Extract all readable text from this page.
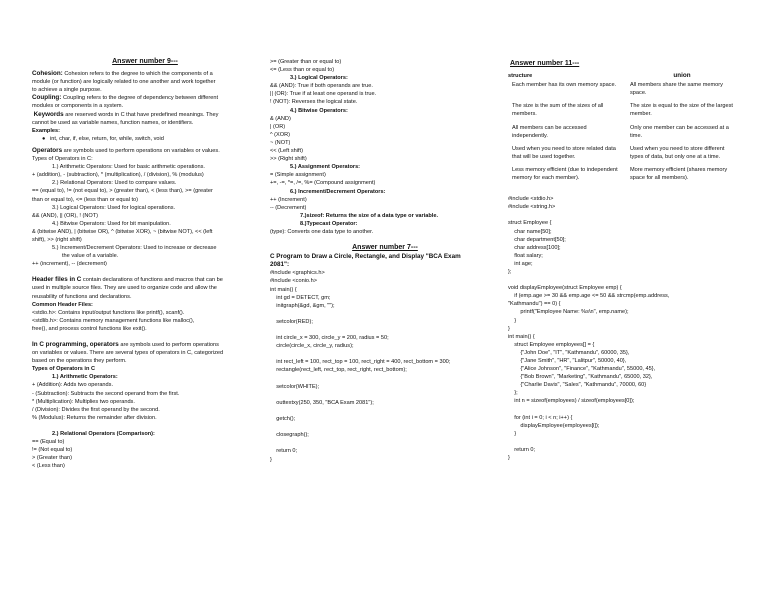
Answer number 9---
Cohesion: Cohesion refers to the degree to which the components of a
module (or function) are logically related to one another and work together
to achieve a single purpose.
Coupling: Coupling refers to the degree of dependency between different
modules or components in a system.
Keywords are reserved words in C that have predefined meanings. They
cannot be used as variable names, function names, or identifiers.
Examples:
● int, char, if, else, return, for, while, switch, void
Operators are symbols used to perform operations on variables or values.
Types of Operators in C:
1.) Arithmetic Operators: Used for basic arithmetic operations.
+ (addition), - (subtraction), * (multiplication), / (division), % (modulus)
2.) Relational Operators: Used to compare values.
== (equal to), != (not equal to), > (greater than), < (less than), >= (greater
than or equal to), <= (less than or equal to)
3.) Logical Operators: Used for logical operations.
&& (AND), || (OR), ! (NOT)
4.) Bitwise Operators: Used for bit manipulation.
& (bitwise AND), | (bitwise OR), ^ (bitwise XOR), ~ (bitwise NOT), << (left
shift), >> (right shift)
5.) Increment/Decrement Operators: Used to increase or decrease
the value of a variable.
++ (increment), -- (decrement)
Header files in C contain declarations of functions and macros that can be
used in multiple source files. They are used to organize code and allow the
reusability of functions and declarations.
Common Header Files:
<stdio.h>: Contains input/output functions like printf(), scanf().
<stdlib.h>: Contains memory management functions like malloc(),
free(), and process control functions like exit().
In C programming, operators are symbols used to perform operations
on variables or values. There are several types of operators in C, categorized
based on the operations they perform.
Types of Operators in C
1.) Arithmetic Operators:
+ (Addition): Adds two operands.
- (Subtraction): Subtracts the second operand from the first.
* (Multiplication): Multiplies two operands.
/ (Division): Divides the first operand by the second.
% (Modulus): Returns the remainder after division.
2.) Relational Operators (Comparison):
== (Equal to)
!= (Not equal to)
> (Greater than)
< (Less than)
>= (Greater than or equal to)
<= (Less than or equal to)
3.) Logical Operators:
&& (AND): True if both operands are true.
|| (OR): True if at least one operand is true.
! (NOT): Reverses the logical state.
4.) Bitwise Operators:
& (AND)
| (OR)
^ (XOR)
~ (NOT)
<< (Left shift)
>> (Right shift)
5.) Assignment Operators:
= (Simple assignment)
+=, -=, *=, /=, %= (Compound assignment)
6.) Increment/Decrement Operators:
++ (Increment)
-- (Decrement)
7.)sizeof: Returns the size of a data type or variable.
8.)Typecast Operator:
(type): Converts one data type to another.
Answer number 7---
C Program to Draw a Circle, Rectangle, and Display "BCA Exam
2081":
#include <graphics.h>
#include <conio.h>
int main() {
int gd = DETECT, gm;
initgraph(&gd, &gm, "");

setcolor(RED);

int circle_x = 300, circle_y = 200, radius = 50;
circle(circle_x, circle_y, radius);

int rect_left = 100, rect_top = 100, rect_right = 400, rect_bottom = 300;
rectangle(rect_left, rect_top, rect_right, rect_bottom);

setcolor(WHITE);

outtextxy(250, 350, "BCA Exam 2081");

getch();

closegraph();

return 0;
}
Answer number 11---
structure	union
Each member has its own memory space.	All members share the same memory space.
The size is the sum of the sizes of all members.
The size is equal to the size of the largest member.
All members can be accessed independently.
Only one member can be accessed at a time.
Used when you need to store related data that will be used together.
Used when you need to store different types of data, but only one at a time.
Less memory efficient (due to independent memory for each member).
More memory efficient (shares memory space for all members).
#include <stdio.h>
#include <string.h>

struct Employee {
char name[50];
char department[50];
char address[100];
float salary;
int age;
};

void displayEmployee(struct Employee emp) {
if (emp.age >= 30 && emp.age <= 50 && strcmp(emp.address,
"Kathmandu") == 0) {
printf("Employee Name: %s\n", emp.name);
}
}
int main() {
struct Employee employees[] = {
{"John Doe", "IT", "Kathmandu", 60000, 35},
{"Jane Smith", "HR", "Lalitpur", 50000, 40},
{"Alice Johnson", "Finance", "Kathmandu", 55000, 45},
{"Bob Brown", "Marketing", "Kathmandu", 65000, 32},
{"Charlie Davis", "Sales", "Kathmandu", 70000, 60}
};
int n = sizeof(employees) / sizeof(employees[0]);

for (int i = 0; i < n; i++) {
displayEmployee(employees[i]);
}

return 0;
}
